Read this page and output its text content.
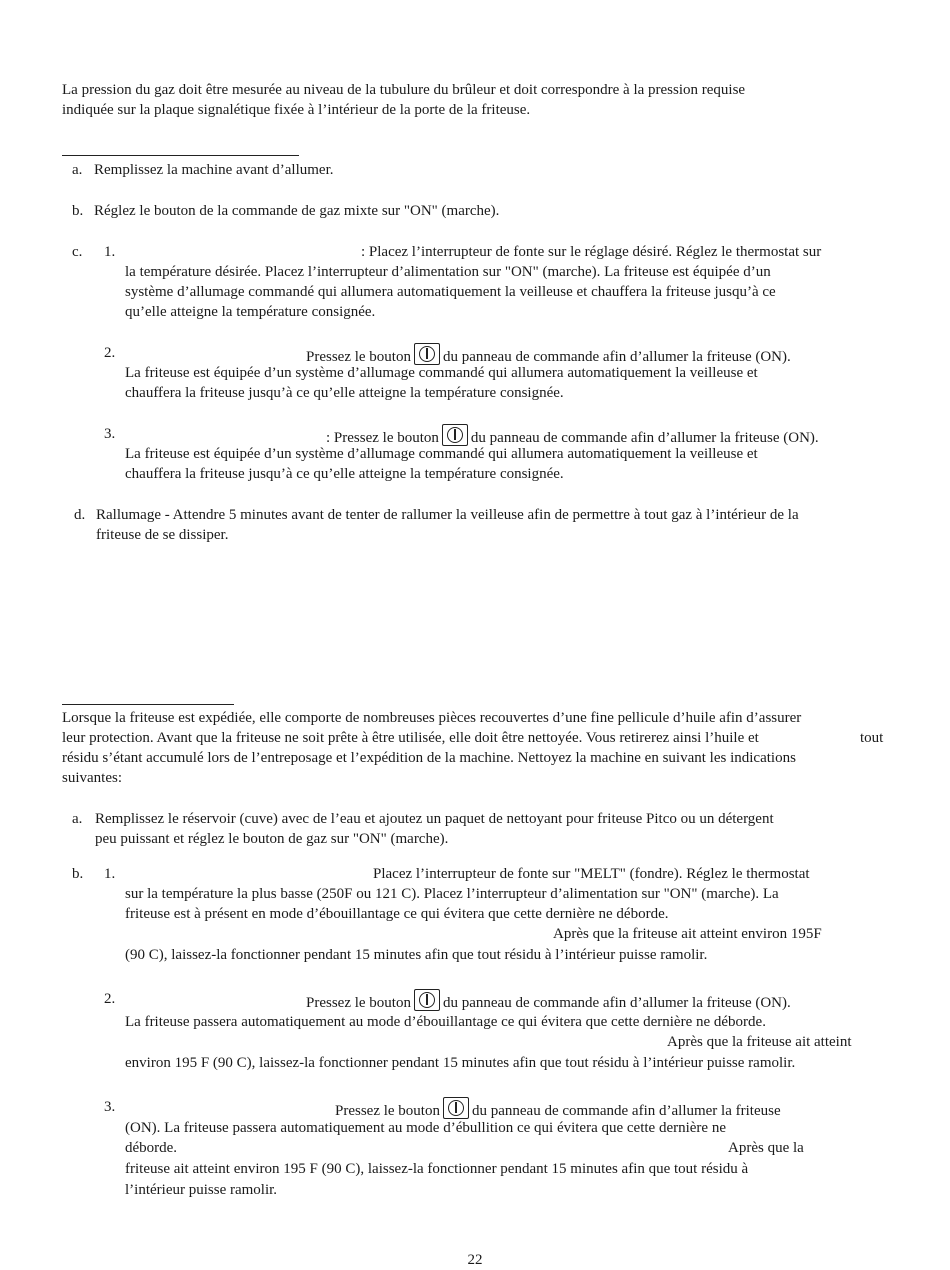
La pression du gaz doit être mesurée au niveau de la tubulure du brûleur et doit correspondre à la pression requise
indiquée sur la plaque signalétique fixée à l’intérieur de la porte de la friteuse.
a. Remplissez la machine avant d’allumer.
b. Réglez le bouton de la commande de gaz mixte sur "ON" (marche).
c. 1.	: Placez l’interrupteur de fonte sur le réglage désiré. Réglez le thermostat sur
la température désirée. Placez l’interrupteur d’alimentation sur "ON" (marche). La friteuse est équipée d’un
système d’allumage commandé qui allumera automatiquement la veilleuse et chauffera la friteuse jusqu’à ce
qu’elle atteigne la température consignée.
2.	Pressez le bouton du panneau de commande afin d’allumer la friteuse (ON).
La friteuse est équipée d’un système d’allumage commandé qui allumera automatiquement la veilleuse et
chauffera la friteuse jusqu’à ce qu’elle atteigne la température consignée.
3.	: Pressez le bouton du panneau de commande afin d’allumer la friteuse (ON).
La friteuse est équipée d’un système d’allumage commandé qui allumera automatiquement la veilleuse et
chauffera la friteuse jusqu’à ce qu’elle atteigne la température consignée.
d. Rallumage - Attendre 5 minutes avant de tenter de rallumer la veilleuse afin de permettre à tout gaz à l’intérieur de la
friteuse de se dissiper.
Lorsque la friteuse est expédiée, elle comporte de nombreuses pièces recouvertes d’une fine pellicule d’huile afin d’assurer
leur protection. Avant que la friteuse ne soit prête à être utilisée, elle doit être nettoyée. Vous retirerez ainsi l’huile et	tout
résidu s’étant accumulé lors de l’entreposage et l’expédition de la machine. Nettoyez la machine en suivant les indications
suivantes:
a. Remplissez le réservoir (cuve) avec de l’eau et ajoutez un paquet de nettoyant pour friteuse Pitco ou un détergent
peu puissant et réglez le bouton de gaz sur "ON" (marche).
b. 1.	Placez l’interrupteur de fonte sur "MELT" (fondre). Réglez le thermostat
sur la température la plus basse (250F ou 121 C). Placez l’interrupteur d’alimentation sur "ON" (marche). La
friteuse est à présent en mode d’ébouillantage ce qui évitera que cette dernière ne déborde.
Après que la friteuse ait atteint environ 195F
(90 C), laissez-la fonctionner pendant 15 minutes afin que tout résidu à l’intérieur puisse ramolir.
2.	Pressez le bouton du panneau de commande afin d’allumer la friteuse (ON).
La friteuse passera automatiquement au mode d’ébouillantage ce qui évitera que cette dernière ne déborde.
Après que la friteuse ait atteint
environ 195 F (90 C), laissez-la fonctionner pendant 15 minutes afin que tout résidu à l’intérieur puisse ramolir.
3.	Pressez le bouton du panneau de commande afin d’allumer la friteuse
(ON). La friteuse passera automatiquement au mode d’ébullition ce qui évitera que cette dernière ne
déborde.	Après que la
friteuse ait atteint environ 195 F (90 C), laissez-la fonctionner pendant 15 minutes afin que tout résidu à
l’intérieur puisse ramolir.
22
